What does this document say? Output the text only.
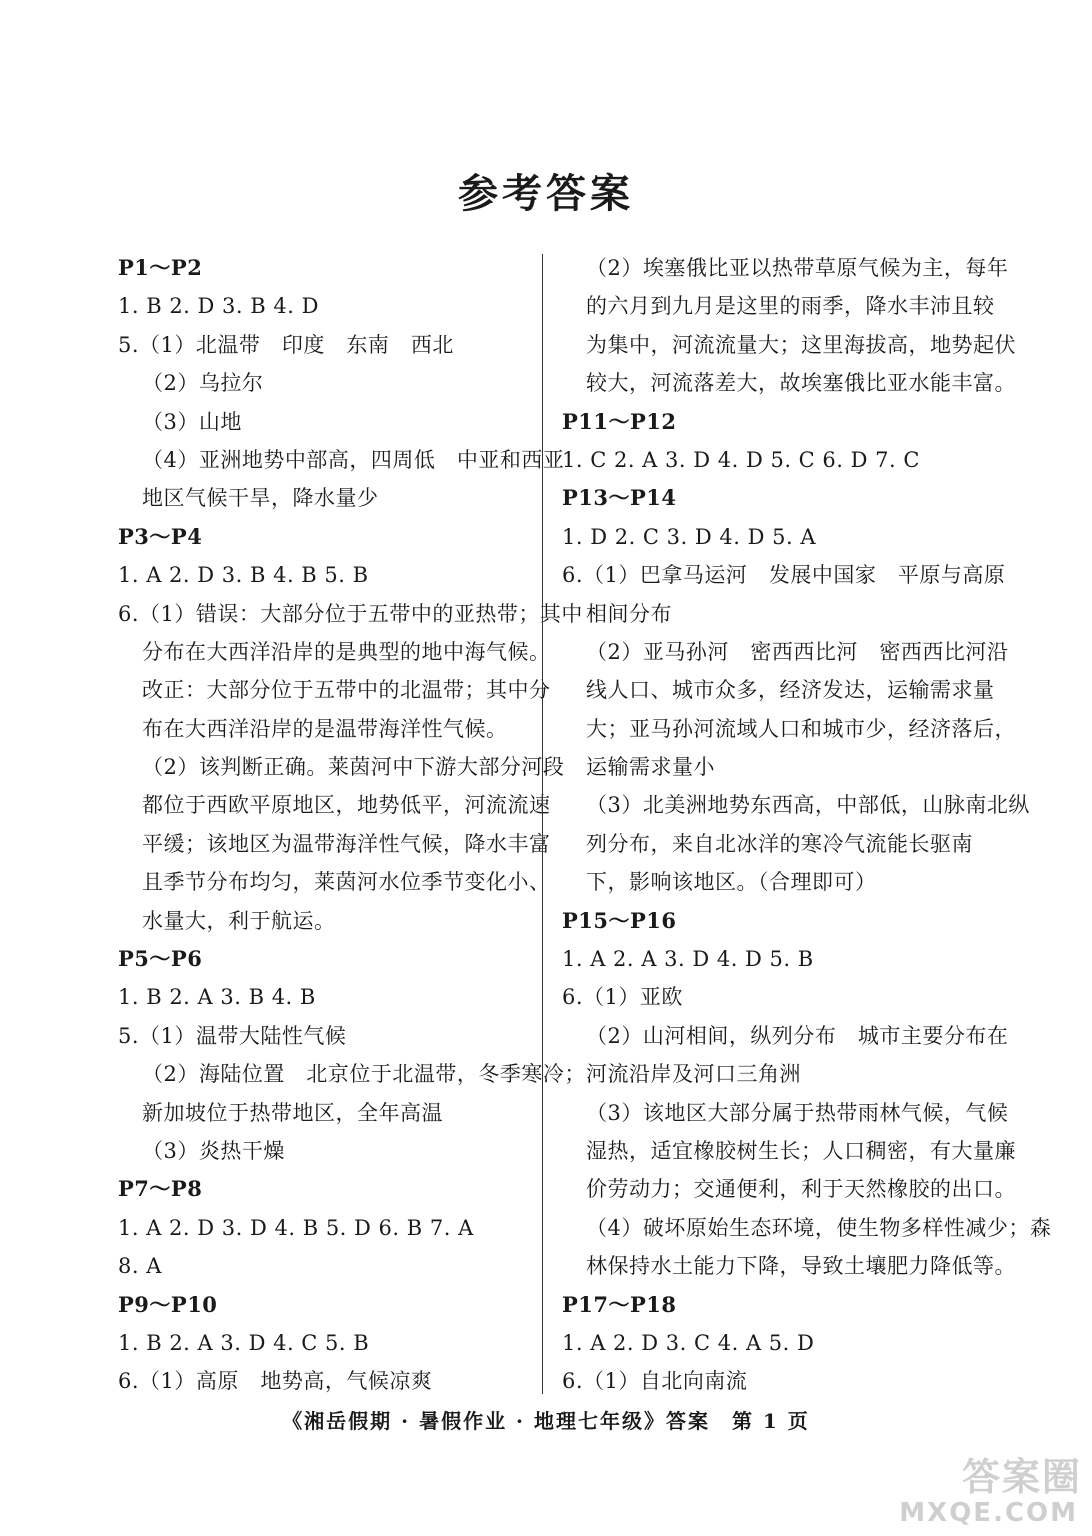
参考答案
P1～P2
1. B 2. D 3. B 4. D
5.（1）北温带　印度　东南　西北
（2）乌拉尔
（3）山地
（4）亚洲地势中部高，四周低　中亚和西亚
地区气候干旱，降水量少
P3～P4
1. A 2. D 3. B 4. B 5. B
6.（1）错误：大部分位于五带中的亚热带；其中
分布在大西洋沿岸的是典型的地中海气候。
改正：大部分位于五带中的北温带；其中分
布在大西洋沿岸的是温带海洋性气候。
（2）该判断正确。莱茵河中下游大部分河段
都位于西欧平原地区，地势低平，河流流速
平缓；该地区为温带海洋性气候，降水丰富
且季节分布均匀，莱茵河水位季节变化小、
水量大，利于航运。
P5～P6
1. B 2. A 3. B 4. B
5.（1）温带大陆性气候
（2）海陆位置　北京位于北温带，冬季寒冷；
新加坡位于热带地区，全年高温
（3）炎热干燥
P7～P8
1. A 2. D 3. D 4. B 5. D 6. B 7. A
8. A
P9～P10
1. B 2. A 3. D 4. C 5. B
6.（1）高原　地势高，气候凉爽
（2）埃塞俄比亚以热带草原气候为主，每年
的六月到九月是这里的雨季，降水丰沛且较
为集中，河流流量大；这里海拔高，地势起伏
较大，河流落差大，故埃塞俄比亚水能丰富。
P11～P12
1. C 2. A 3. D 4. D 5. C 6. D 7. C
P13～P14
1. D 2. C 3. D 4. D 5. A
6.（1）巴拿马运河　发展中国家　平原与高原
相间分布
（2）亚马孙河　密西西比河　密西西比河沿
线人口、城市众多，经济发达，运输需求量
大；亚马孙河流域人口和城市少，经济落后，
运输需求量小
（3）北美洲地势东西高，中部低，山脉南北纵
列分布，来自北冰洋的寒冷气流能长驱南
下，影响该地区。（合理即可）
P15～P16
1. A 2. A 3. D 4. D 5. B
6.（1）亚欧
（2）山河相间，纵列分布　城市主要分布在
河流沿岸及河口三角洲
（3）该地区大部分属于热带雨林气候，气候
湿热，适宜橡胶树生长；人口稠密，有大量廉
价劳动力；交通便利，利于天然橡胶的出口。
（4）破坏原始生态环境，使生物多样性减少；森
林保持水土能力下降，导致土壤肥力降低等。
P17～P18
1. A 2. D 3. C 4. A 5. D
6.（1）自北向南流
《湘岳假期 · 暑假作业 · 地理七年级》答案　第 1 页
答案圈
MXQE.COM
